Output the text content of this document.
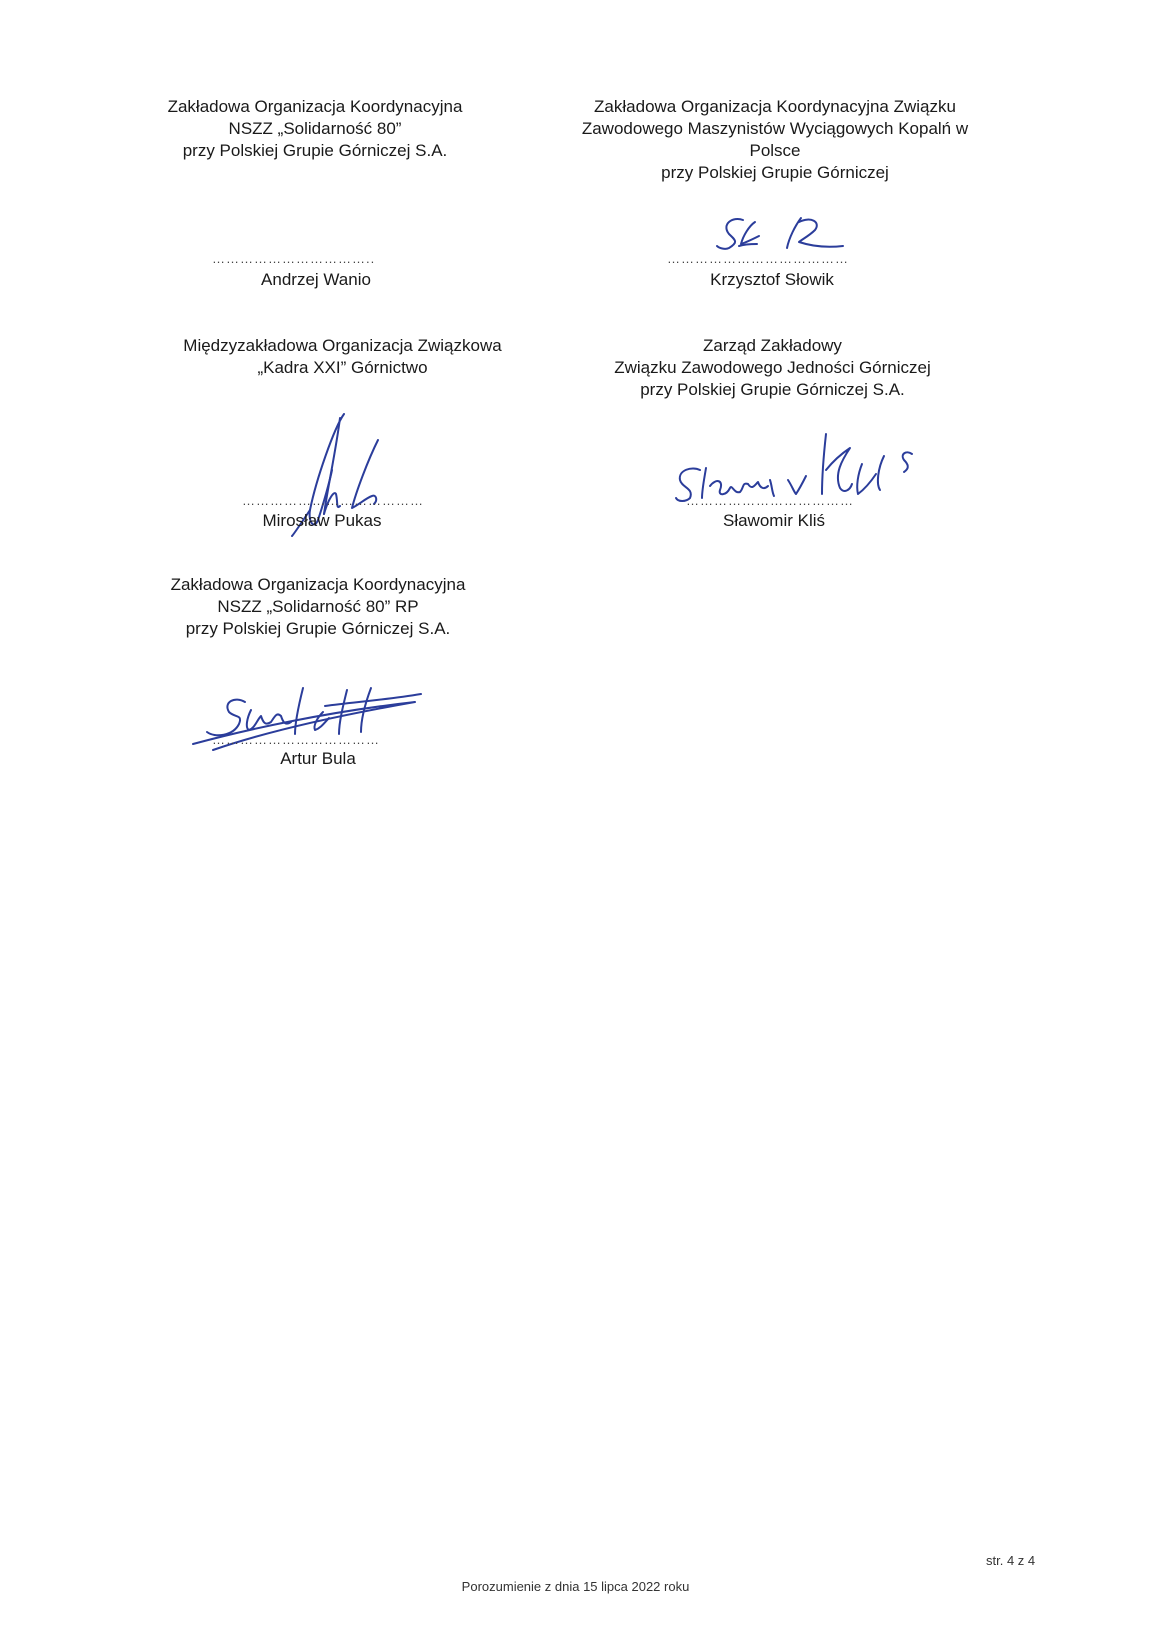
Zakładowa Organizacja Koordynacyjna
NSZZ „Solidarność 80”
przy Polskiej Grupie Górniczej S.A.
……………………………..
Andrzej Wanio
Zakładowa Organizacja Koordynacyjna Związku
Zawodowego Maszynistów Wyciągowych Kopalń w
Polsce
przy Polskiej Grupie Górniczej
…………………………………
Krzysztof Słowik
Międzyzakładowa Organizacja Związkowa
„Kadra XXI” Górnictwo
…………………………………
Mirosław Pukas
Zarząd Zakładowy
Związku Zawodowego Jedności Górniczej
przy Polskiej Grupie Górniczej S.A.
………………………………
Sławomir Kliś
Zakładowa Organizacja Koordynacyjna
NSZZ „Solidarność 80” RP
przy Polskiej Grupie Górniczej S.A.
………………………………
Artur Bula
str. 4 z 4
Porozumienie z dnia 15 lipca 2022 roku
